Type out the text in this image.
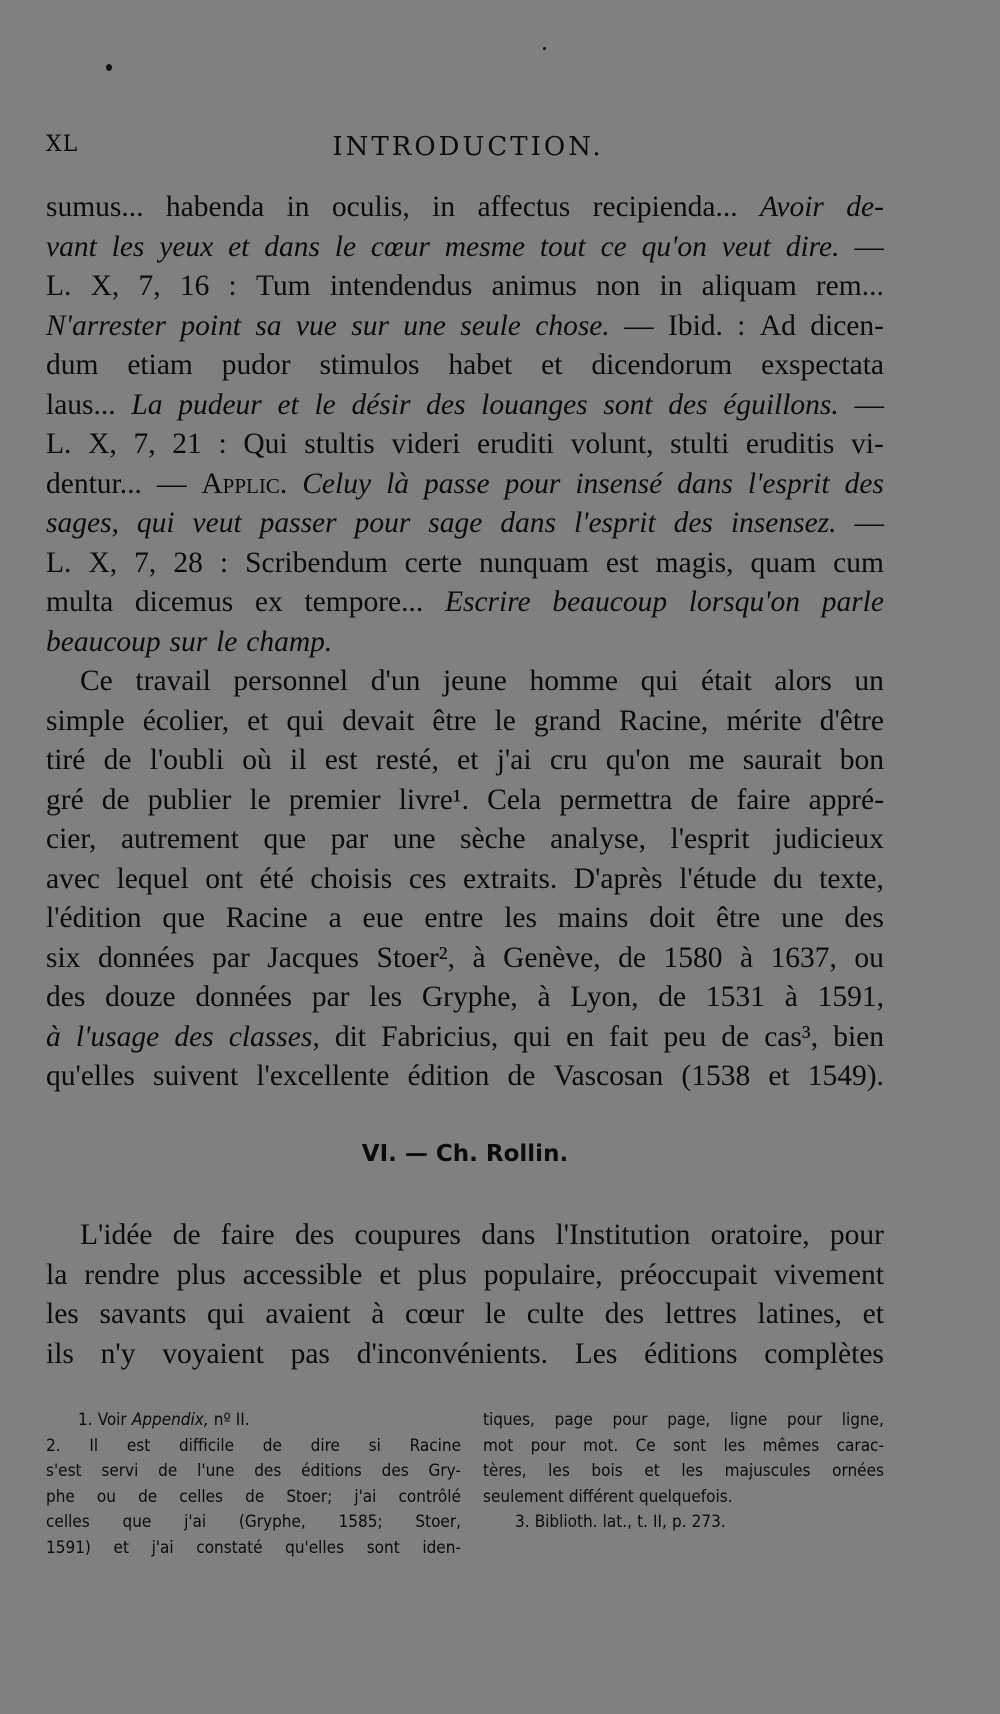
XL	INTRODUCTION.
sumus... habenda in oculis, in affectus recipienda... Avoir de-
vant les yeux et dans le cœur mesme tout ce qu'on veut dire. —
L. X, 7, 16 : Tum intendendus animus non in aliquam rem...
N'arrester point sa vue sur une seule chose. — Ibid. : Ad dicen-
dum etiam pudor stimulos habet et dicendorum exspectata
laus... La pudeur et le désir des louanges sont des éguillons. —
L. X, 7, 21 : Qui stultis videri eruditi volunt, stulti eruditis vi-
dentur... — Applic. Celuy là passe pour insensé dans l'esprit des
sages, qui veut passer pour sage dans l'esprit des insensez. —
L. X, 7, 28 : Scribendum certe nunquam est magis, quam cum
multa dicemus ex tempore... Escrire beaucoup lorsqu'on parle
beaucoup sur le champ.
Ce travail personnel d'un jeune homme qui était alors un
simple écolier, et qui devait être le grand Racine, mérite d'être
tiré de l'oubli où il est resté, et j'ai cru qu'on me saurait bon
gré de publier le premier livre¹. Cela permettra de faire appré-
cier, autrement que par une sèche analyse, l'esprit judicieux
avec lequel ont été choisis ces extraits. D'après l'étude du texte,
l'édition que Racine a eue entre les mains doit être une des
six données par Jacques Stoer², à Genève, de 1580 à 1637, ou
des douze données par les Gryphe, à Lyon, de 1531 à 1591,
à l'usage des classes, dit Fabricius, qui en fait peu de cas³, bien
qu'elles suivent l'excellente édition de Vascosan (1538 et 1549).
VI. — Ch. Rollin.
L'idée de faire des coupures dans l'Institution oratoire, pour
la rendre plus accessible et plus populaire, préoccupait vivement
les savants qui avaient à cœur le culte des lettres latines, et
ils n'y voyaient pas d'inconvénients. Les éditions complètes
1. Voir Appendix, nº II.
2. Il est difficile de dire si Racine
s'est servi de l'une des éditions des Gry-
phe ou de celles de Stoer; j'ai contrôlé
celles que j'ai (Gryphe, 1585; Stoer,
1591) et j'ai constaté qu'elles sont iden-
tiques, page pour page, ligne pour ligne,
mot pour mot. Ce sont les mêmes carac-
tères, les bois et les majuscules ornées
seulement différent quelquefois.
3. Biblioth. lat., t. II, p. 273.
